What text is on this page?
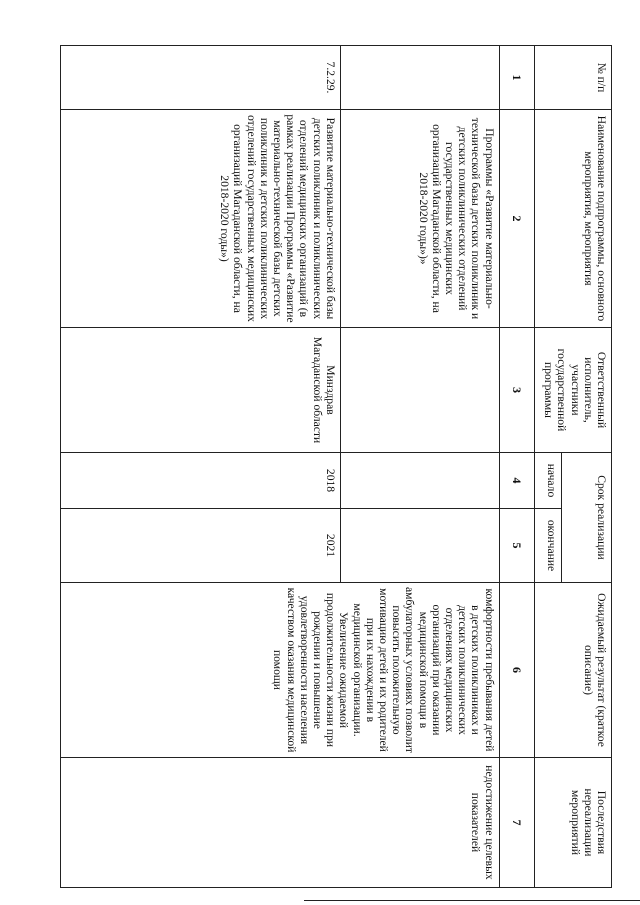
№ п/п	Наименование подпрограммы, основного мероприятия, мероприятия	Ответственный исполнитель, участники государственной программы	Срок реализации		Ожидаемый результат (краткое описание)	Последствия нереализации мероприятий
			начало	окончание		
1	2	3	4	5	6	7
	Программы «Развитие материально-технической базы детских поликлиник и детских поликлинических отделений государственных медицинских организаций Магаданской области, на 2018-2020 годы»)»				комфортности пребывания детей в детских поликлиниках и детских поликлинических отделениях медицинских организаций при оказании медицинской помощи в амбулаторных условиях позволит повысить положительную мотивацию детей и их родителей при их нахождении в медицинской организации. Увеличение ожидаемой продолжительности жизни при рождении и повышение удовлетворенности населения качеством оказания медицинской помощи	недостижение целевых показателей
7.2.29.	Развитие материально-технической базы детских поликлиник и поликлинических отделений медицинских организаций (в рамках реализации Программы «Развитие материально-технической базы детских поликлиник и детских поликлинических отделений государственных медицинских организаций Магаданской области, на 2018-2020 годы»)	Минздрав Магаданской области	2018	2021		
